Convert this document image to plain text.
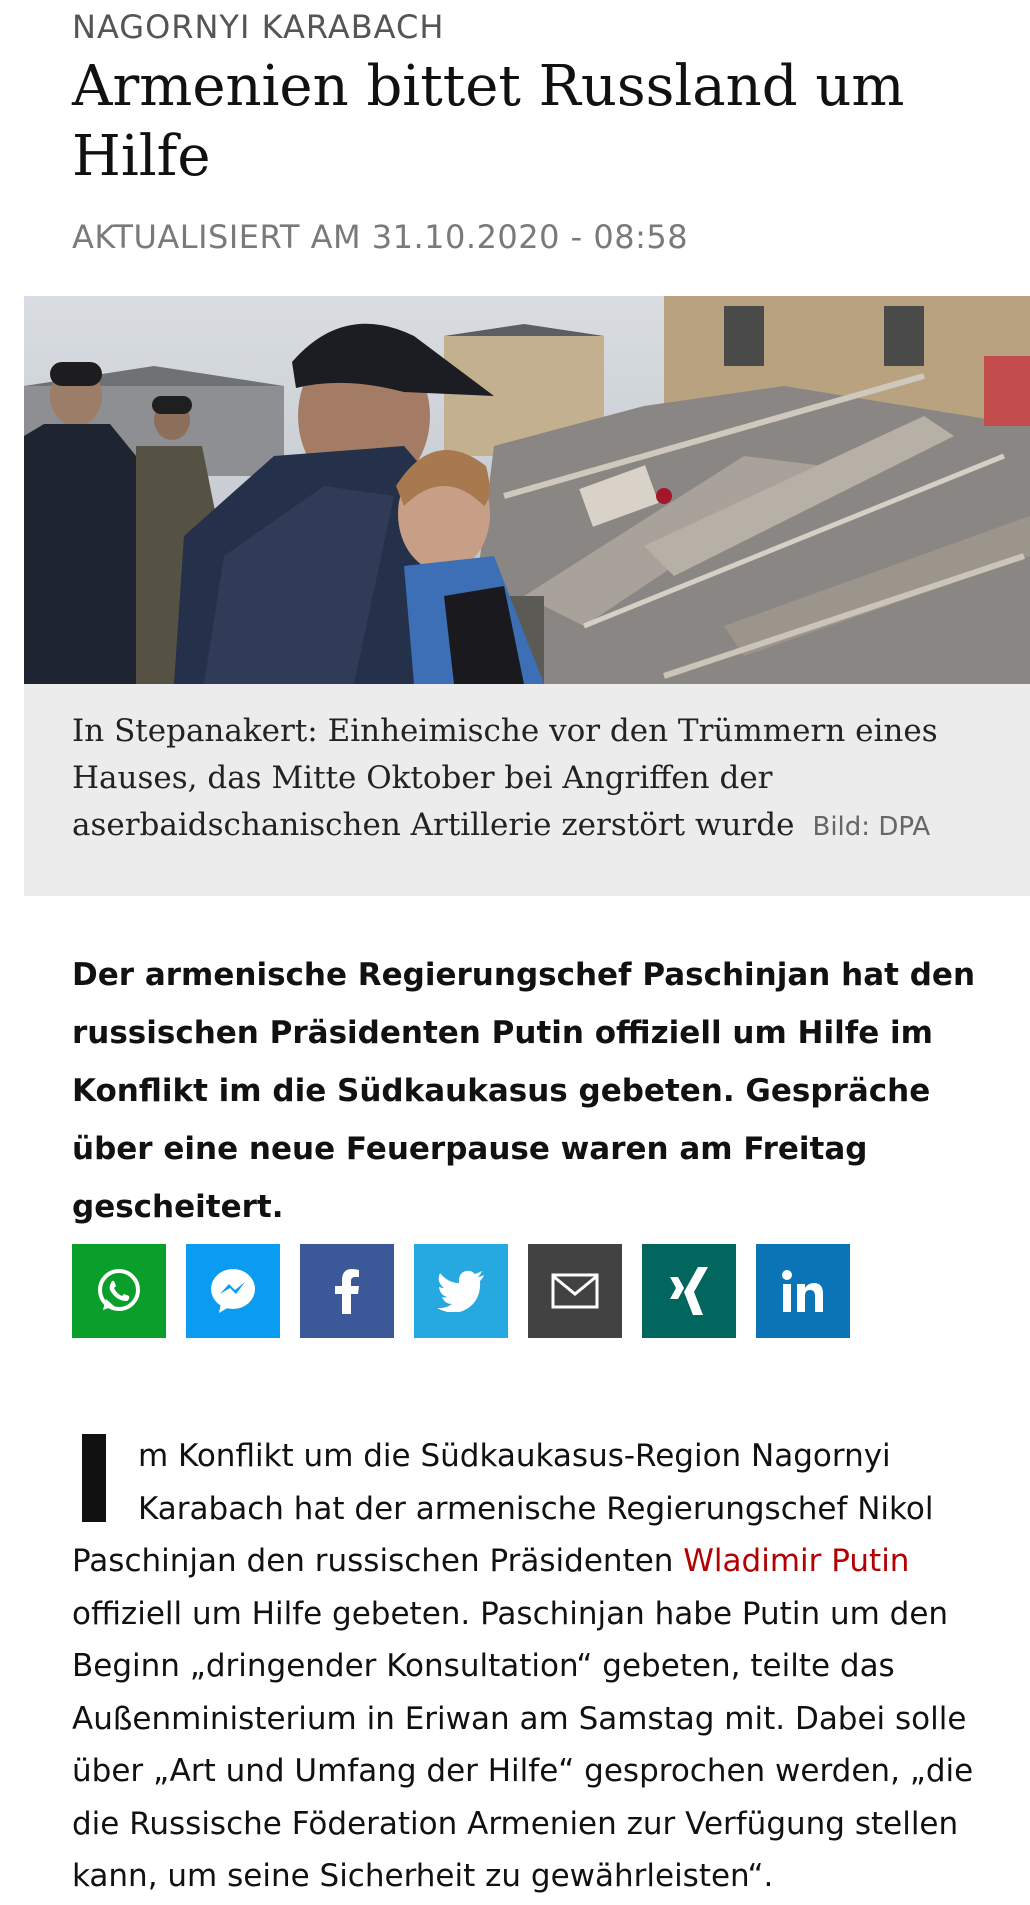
NAGORNYI KARABACH
Armenien bittet Russland um Hilfe
AKTUALISIERT AM 31.10.2020 - 08:58
In Stepanakert: Einheimische vor den Trümmern eines Hauses, das Mitte Oktober bei Angriffen der aserbaidschanischen Artillerie zerstört wurde Bild: DPA
Der armenische Regierungschef Paschinjan hat den russischen Präsidenten Putin offiziell um Hilfe im Konflikt im die Südkaukasus gebeten. Gespräche über eine neue Feuerpause waren am Freitag gescheitert.
m Konflikt um die Südkaukasus-Region Nagornyi Karabach hat der armenische Regierungschef Nikol Paschinjan den russischen Präsidenten Wladimir Putin offiziell um Hilfe gebeten. Paschinjan habe Putin um den Beginn „dringender Konsultation“ gebeten, teilte das Außenministerium in Eriwan am Samstag mit. Dabei solle über „Art und Umfang der Hilfe“ gesprochen werden, „die die Russische Föderation Armenien zur Verfügung stellen kann, um seine Sicherheit zu gewährleisten“.
